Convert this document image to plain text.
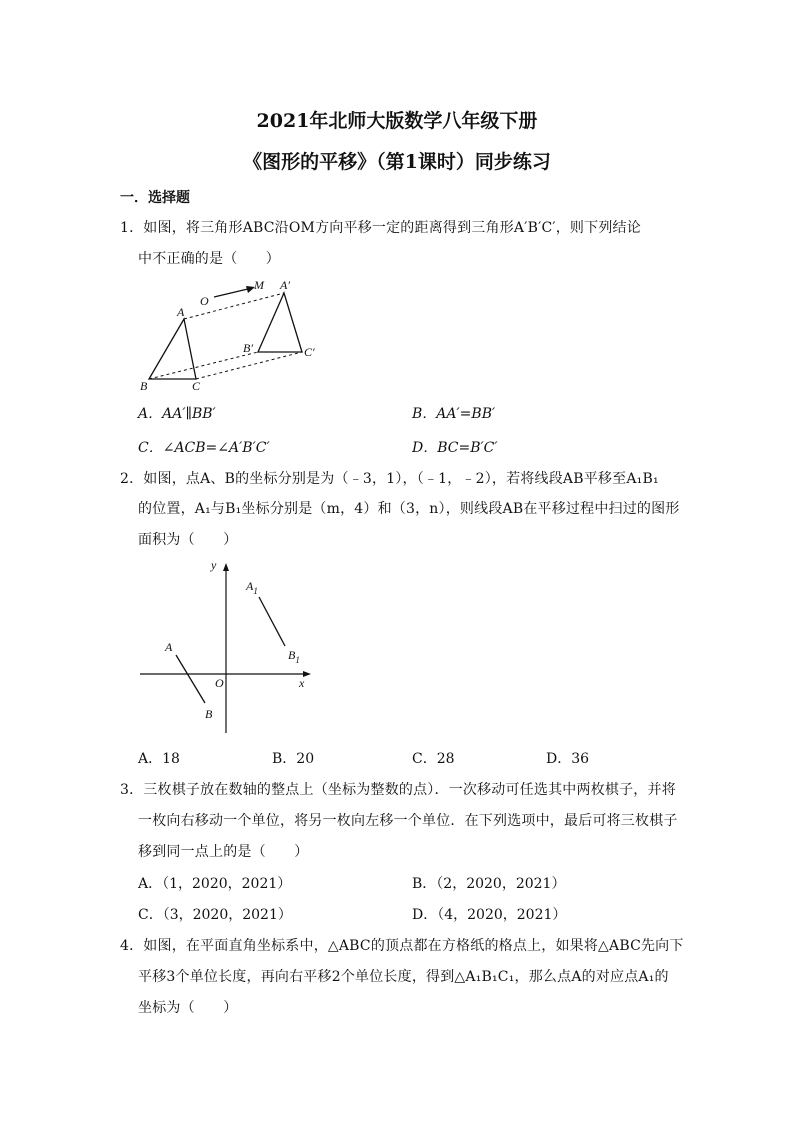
2021年北师大版数学八年级下册
《图形的平移》（第1课时）同步练习
一．选择题
1．如图，将三角形ABC沿OM方向平移一定的距离得到三角形A′B′C′，则下列结论
中不正确的是（　　）
O
M
A
B	C
A′
B′	C′
A．AA′∥BB′	B．AA′=BB′
C．∠ACB=∠A′B′C′	D．BC=B′C′
2．如图，点A、B的坐标分别是为（﹣3，1），（﹣1，﹣2），若将线段AB平移至A₁B₁
的位置，A₁与B₁坐标分别是（m，4）和（3，n），则线段AB在平移过程中扫过的图形
面积为（　　）
y
x
O
A
B
$A_1$
$B_1$
A．18	B．20	C．28	D．36
3．三枚棋子放在数轴的整点上（坐标为整数的点）．一次移动可任选其中两枚棋子，并将
一枚向右移动一个单位，将另一枚向左移一个单位．在下列选项中，最后可将三枚棋子
移到同一点上的是（　　）
A．（1，2020，2021）	B．（2，2020，2021）
C．（3，2020，2021）	D．（4，2020，2021）
4．如图，在平面直角坐标系中，△ABC的顶点都在方格纸的格点上，如果将△ABC先向下
平移3个单位长度，再向右平移2个单位长度，得到△A₁B₁C₁，那么点A的对应点A₁的
坐标为（　　）
